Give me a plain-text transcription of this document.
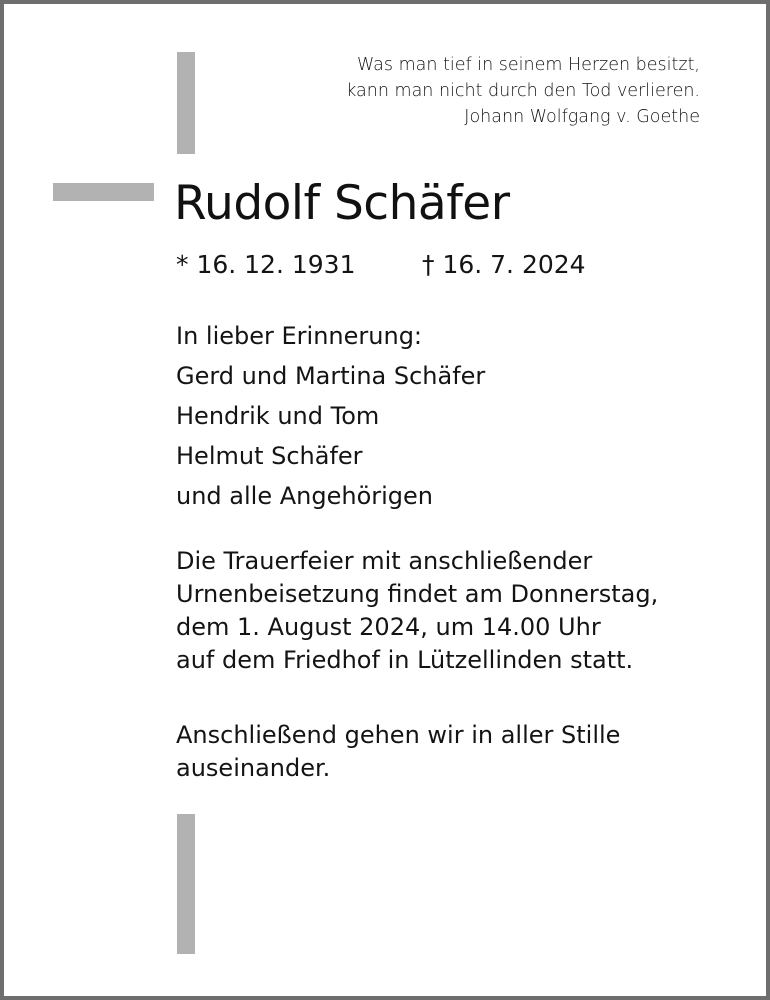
Was man tief in seinem Herzen besitzt,
kann man nicht durch den Tod verlieren.
Johann Wolfgang v. Goethe
Rudolf Schäfer
* 16. 12. 1931	† 16. 7. 2024
In lieber Erinnerung:
Gerd und Martina Schäfer
Hendrik und Tom
Helmut Schäfer
und alle Angehörigen
Die Trauerfeier mit anschließender
Urnenbeisetzung findet am Donnerstag,
dem 1. August 2024, um 14.00 Uhr
auf dem Friedhof in Lützellinden statt.
Anschließend gehen wir in aller Stille
auseinander.
